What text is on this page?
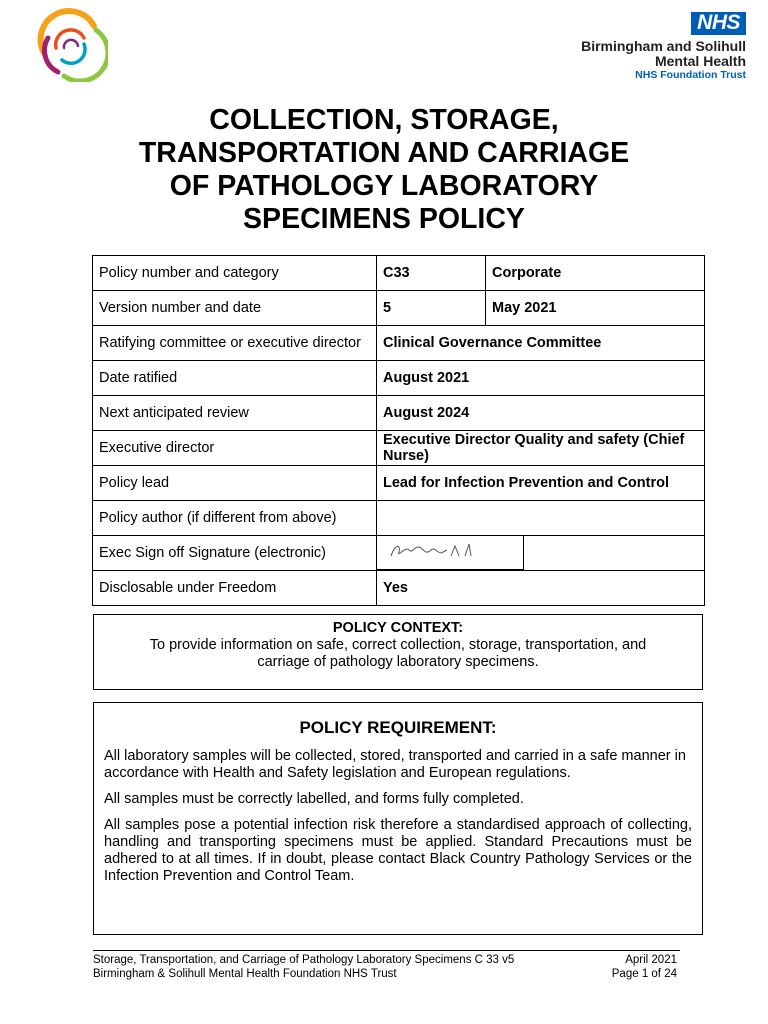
NHS
Birmingham and Solihull
Mental Health
NHS Foundation Trust
COLLECTION, STORAGE,
TRANSPORTATION AND CARRIAGE
OF PATHOLOGY LABORATORY
SPECIMENS POLICY
Policy number and category	C33	Corporate
Version number and date	5	May 2021
Ratifying committee or executive director	Clinical Governance Committee	
Date ratified	August 2021	
Next anticipated review	August 2024	
Executive director	Executive Director Quality and safety (Chief Nurse)	
Policy lead	Lead for Infection Prevention and Control	
Policy author (if different from above)		
Exec Sign off Signature (electronic)	

Disclosable under Freedom	Yes	
POLICY CONTEXT:
To provide information on safe, correct collection, storage, transportation, and carriage of pathology laboratory specimens.
POLICY REQUIREMENT:

All laboratory samples will be collected, stored, transported and carried in a safe manner in accordance with Health and Safety legislation and European regulations.

All samples must be correctly labelled, and forms fully completed.

All samples pose a potential infection risk therefore a standardised approach of collecting, handling and transporting specimens must be applied. Standard Precautions must be adhered to at all times. If in doubt, please contact Black Country Pathology Services or the Infection Prevention and Control Team.

Storage, Transportation, and Carriage of Pathology Laboratory Specimens C 33 v5	April 2021
Birmingham & Solihull Mental Health Foundation NHS Trust	Page 1 of 24
